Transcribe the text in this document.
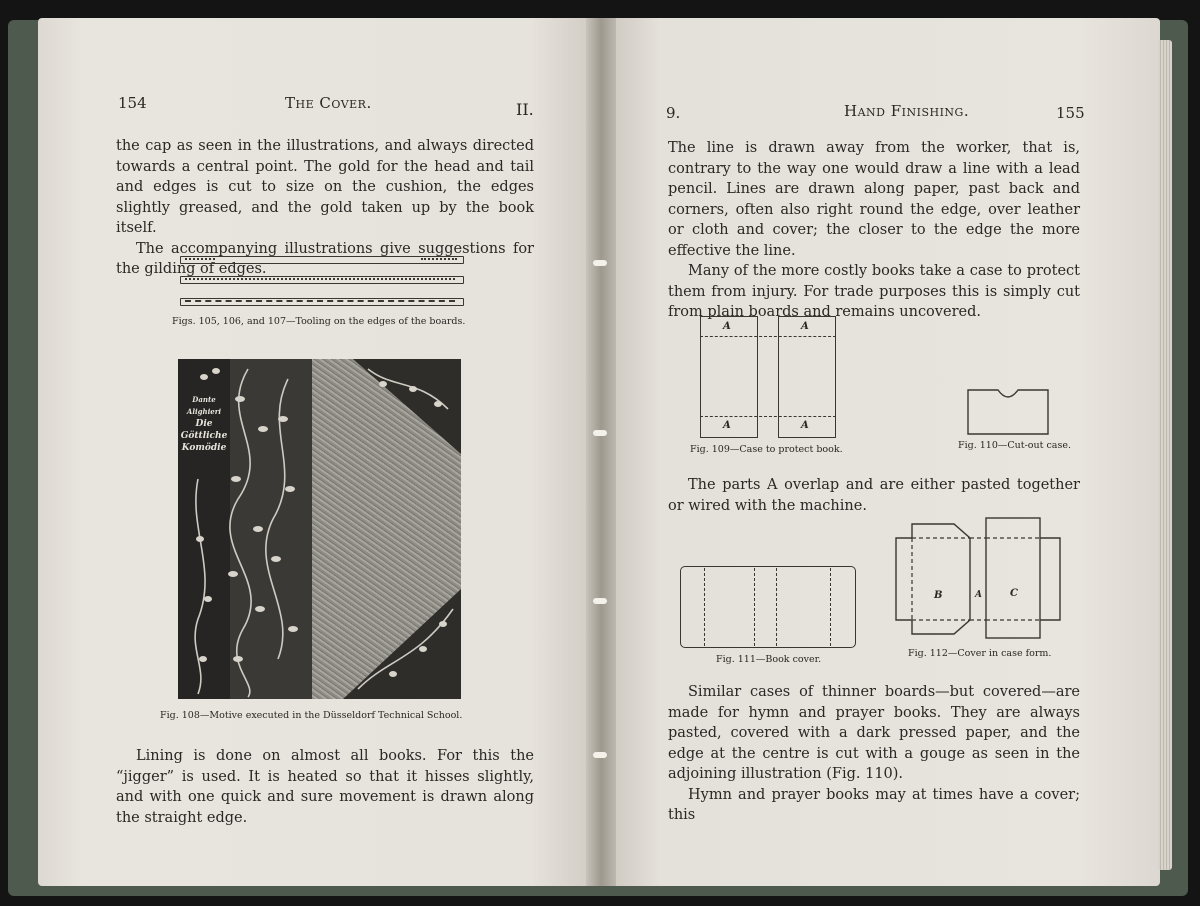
154	The Cover.	II.

the cap as seen in the illustrations, and always directed towards a central point. The gold for the head and tail and edges is cut to size on the cushion, the edges slightly greased, and the gold taken up by the book itself.

The accompanying illustrations give suggestions for the gilding of edges.

Figs. 105, 106, and 107—Tooling on the edges of the boards.
Dante Alighieri
Die
Göttliche
Komödie
Fig. 108—Motive executed in the Düsseldorf Technical School.
Lining is done on almost all books. For this the “jigger” is used. It is heated so that it hisses slightly, and with one quick and sure movement is drawn along the straight edge.
9.	Hand Finishing.	155

The line is drawn away from the worker, that is, contrary to the way one would draw a line with a lead pencil. Lines are drawn along paper, past back and corners, often also right round the edge, over leather or cloth and cover; the closer to the edge the more effective the line.

Many of the more costly books take a case to protect them from injury. For trade purposes this is simply cut from plain boards and remains uncovered.

A	A
A	A
Fig. 109—Case to protect book.	Fig. 110—Cut-out case.
The parts A overlap and are either pasted together or wired with the machine.
Fig. 111—Book cover.
B	A	C
Fig. 112—Cover in case form.

Similar cases of thinner boards—but covered—are made for hymn and prayer books. They are always pasted, covered with a dark pressed paper, and the edge at the centre is cut with a gouge as seen in the adjoining illustration (Fig. 110).

Hymn and prayer books may at times have a cover; this
